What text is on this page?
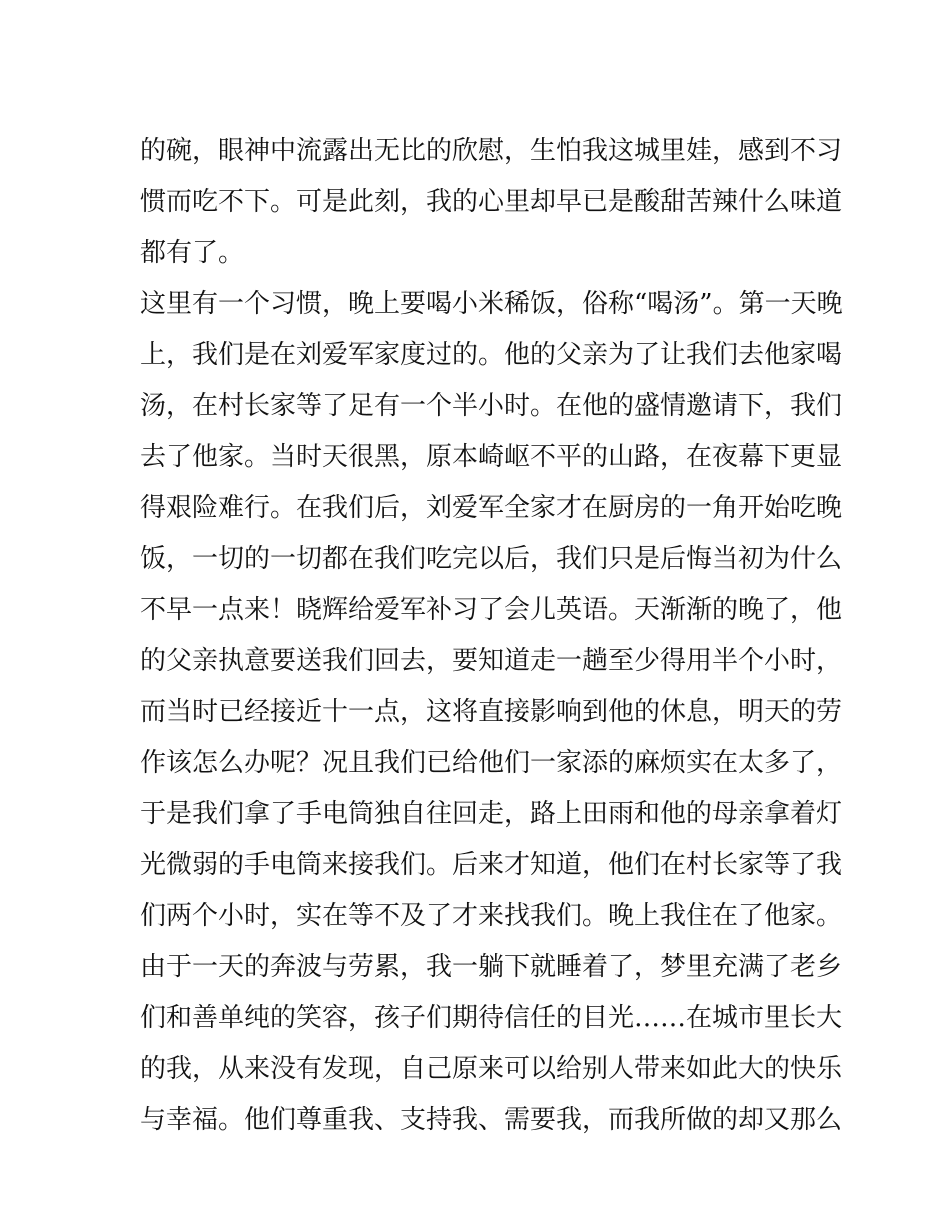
的碗，眼神中流露出无比的欣慰，生怕我这城里娃，感到不习
惯而吃不下。可是此刻，我的心里却早已是酸甜苦辣什么味道
都有了。
这里有一个习惯，晚上要喝小米稀饭，俗称“喝汤”。第一天晚
上，我们是在刘爱军家度过的。他的父亲为了让我们去他家喝
汤，在村长家等了足有一个半小时。在他的盛情邀请下，我们
去了他家。当时天很黑，原本崎岖不平的山路，在夜幕下更显
得艰险难行。在我们后，刘爱军全家才在厨房的一角开始吃晚
饭，一切的一切都在我们吃完以后，我们只是后悔当初为什么
不早一点来！晓辉给爱军补习了会儿英语。天渐渐的晚了，他
的父亲执意要送我们回去，要知道走一趟至少得用半个小时，
而当时已经接近十一点，这将直接影响到他的休息，明天的劳
作该怎么办呢？况且我们已给他们一家添的麻烦实在太多了，
于是我们拿了手电筒独自往回走，路上田雨和他的母亲拿着灯
光微弱的手电筒来接我们。后来才知道，他们在村长家等了我
们两个小时，实在等不及了才来找我们。晚上我住在了他家。
由于一天的奔波与劳累，我一躺下就睡着了，梦里充满了老乡
们和善单纯的笑容，孩子们期待信任的目光……在城市里长大
的我，从来没有发现，自己原来可以给别人带来如此大的快乐
与幸福。他们尊重我、支持我、需要我，而我所做的却又那么
